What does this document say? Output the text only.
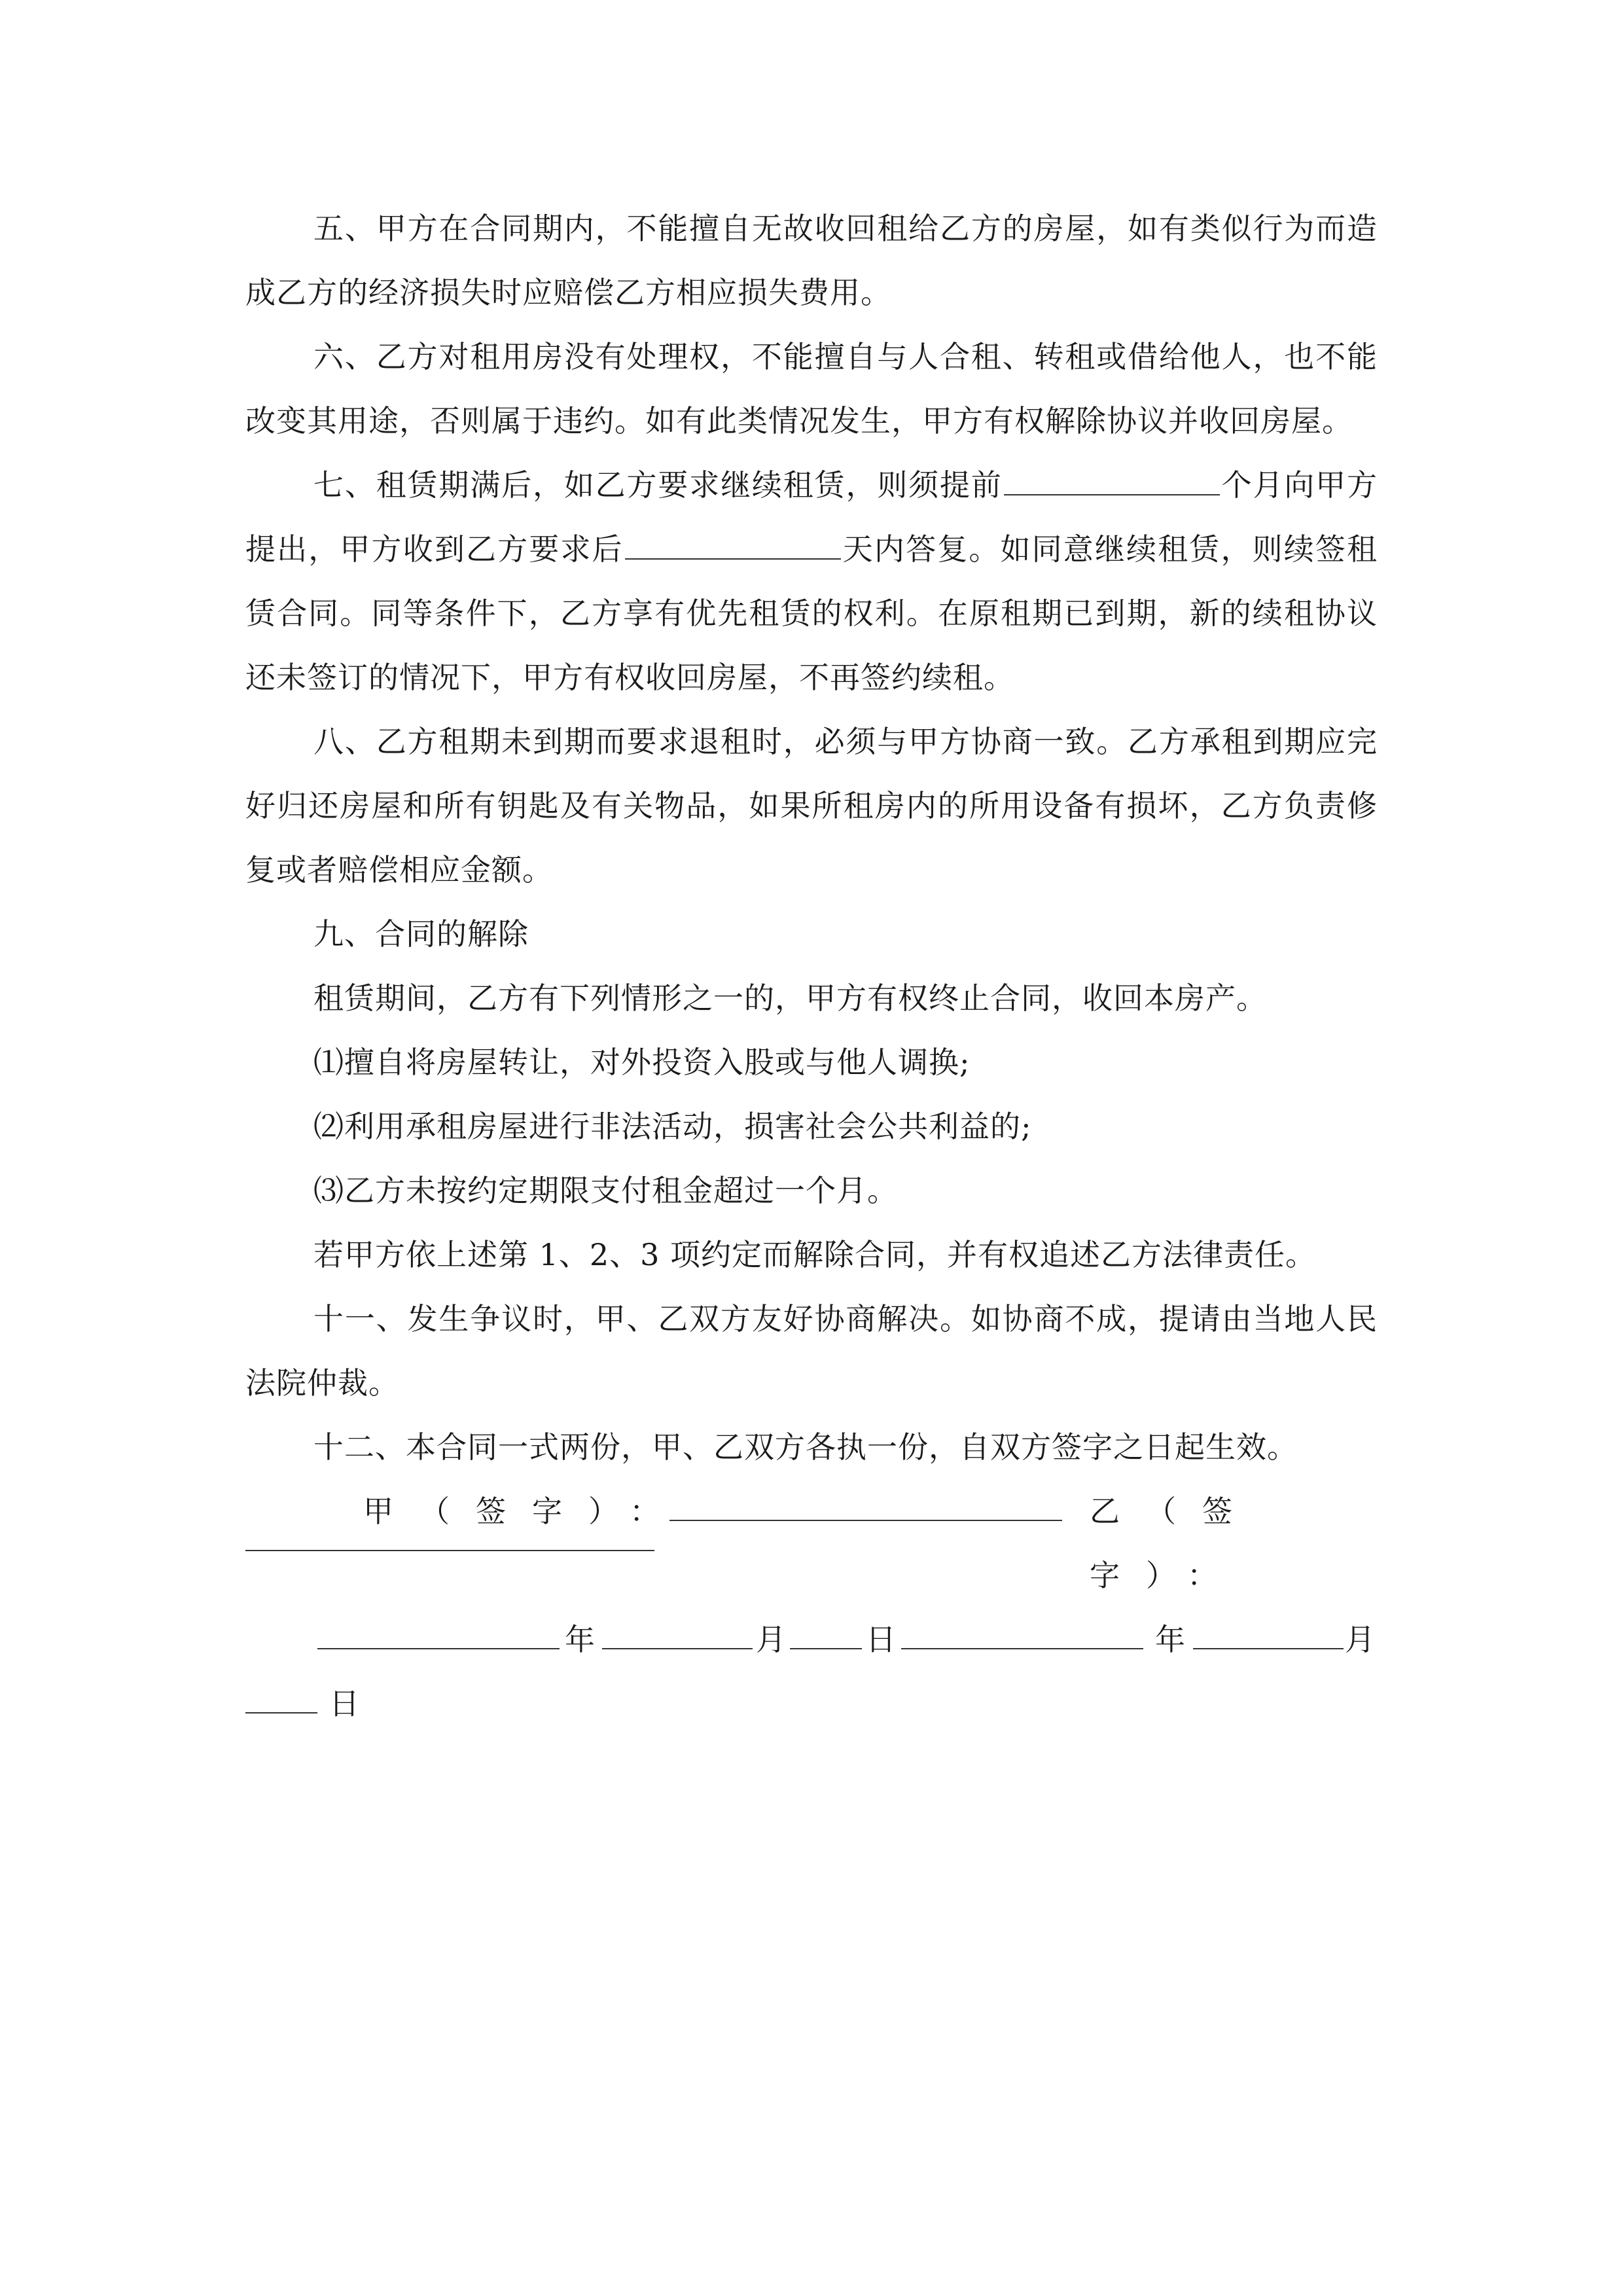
五、甲方在合同期内，不能擅自无故收回租给乙方的房屋，如有类似行为而造成乙方的经济损失时应赔偿乙方相应损失费用。

六、乙方对租用房没有处理权，不能擅自与人合租、转租或借给他人，也不能改变其用途，否则属于违约。如有此类情况发生，甲方有权解除协议并收回房屋。

七、租赁期满后，如乙方要求继续租赁，则须提前	个月向甲方提出，甲方收到乙方要求后	天内答复。如同意继续租赁，则续签租赁合同。同等条件下，乙方享有优先租赁的权利。在原租期已到期，新的续租协议还未签订的情况下，甲方有权收回房屋，不再签约续租。

八、乙方租期未到期而要求退租时，必须与甲方协商一致。乙方承租到期应完好归还房屋和所有钥匙及有关物品，如果所租房内的所用设备有损坏，乙方负责修复或者赔偿相应金额。

九、合同的解除

租赁期间，乙方有下列情形之一的，甲方有权终止合同，收回本房产。

⑴擅自将房屋转让，对外投资入股或与他人调换;

⑵利用承租房屋进行非法活动，损害社会公共利益的;

⑶乙方未按约定期限支付租金超过一个月。

若甲方依上述第 1、2、3 项约定而解除合同，并有权追述乙方法律责任。

十一、发生争议时，甲、乙双方友好协商解决。如协商不成，提请由当地人民法院仲裁。

十二、本合同一式两份，甲、乙双方各执一份，自双方签字之日起生效。

甲（签字）：	乙（签字）：
年	月	日	年	月
日
